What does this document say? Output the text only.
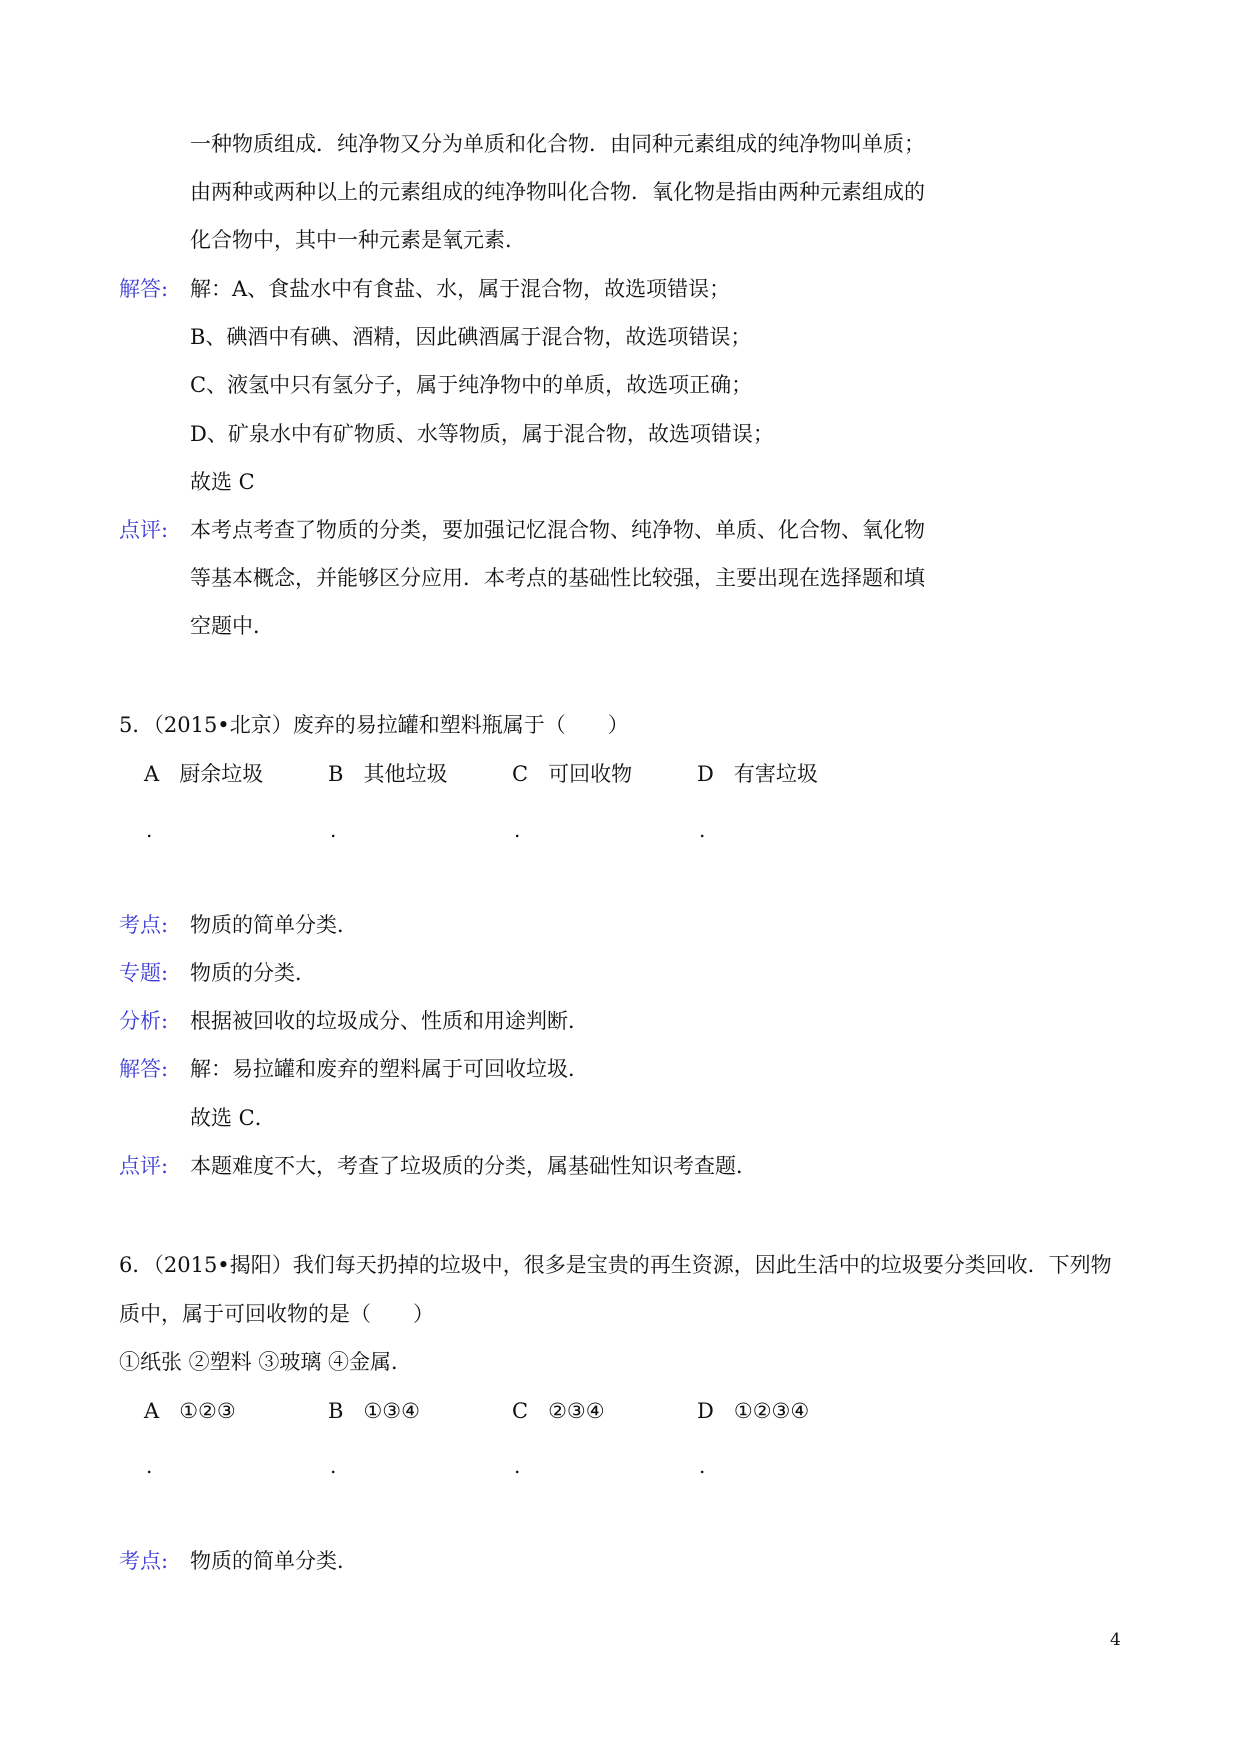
一种物质组成．纯净物又分为单质和化合物．由同种元素组成的纯净物叫单质；
由两种或两种以上的元素组成的纯净物叫化合物．氧化物是指由两种元素组成的
化合物中，其中一种元素是氧元素．
解答: 解：A、食盐水中有食盐、水，属于混合物，故选项错误；
B、碘酒中有碘、酒精，因此碘酒属于混合物，故选项错误；
C、液氢中只有氢分子，属于纯净物中的单质，故选项正确；
D、矿泉水中有矿物质、水等物质，属于混合物，故选项错误；
故选 C
点评: 本考点考查了物质的分类，要加强记忆混合物、纯净物、单质、化合物、氧化物
等基本概念，并能够区分应用．本考点的基础性比较强，主要出现在选择题和填
空题中．
5．（2015•北京）废弃的易拉罐和塑料瓶属于（　　）
A 厨余垃圾	B 其他垃圾	C 可回收物	D 有害垃圾
.	.	.	.
考点: 物质的简单分类．
专题: 物质的分类．
分析: 根据被回收的垃圾成分、性质和用途判断．
解答: 解：易拉罐和废弃的塑料属于可回收垃圾．
故选 C．
点评: 本题难度不大，考查了垃圾质的分类，属基础性知识考查题．
6．（2015•揭阳）我们每天扔掉的垃圾中，很多是宝贵的再生资源，因此生活中的垃圾要分类回收．下列物
质中，属于可回收物的是（　　）
①纸张 ②塑料 ③玻璃 ④金属．
A ①②③	B ①③④	C ②③④	D ①②③④
.	.	.	.
考点: 物质的简单分类．
4
